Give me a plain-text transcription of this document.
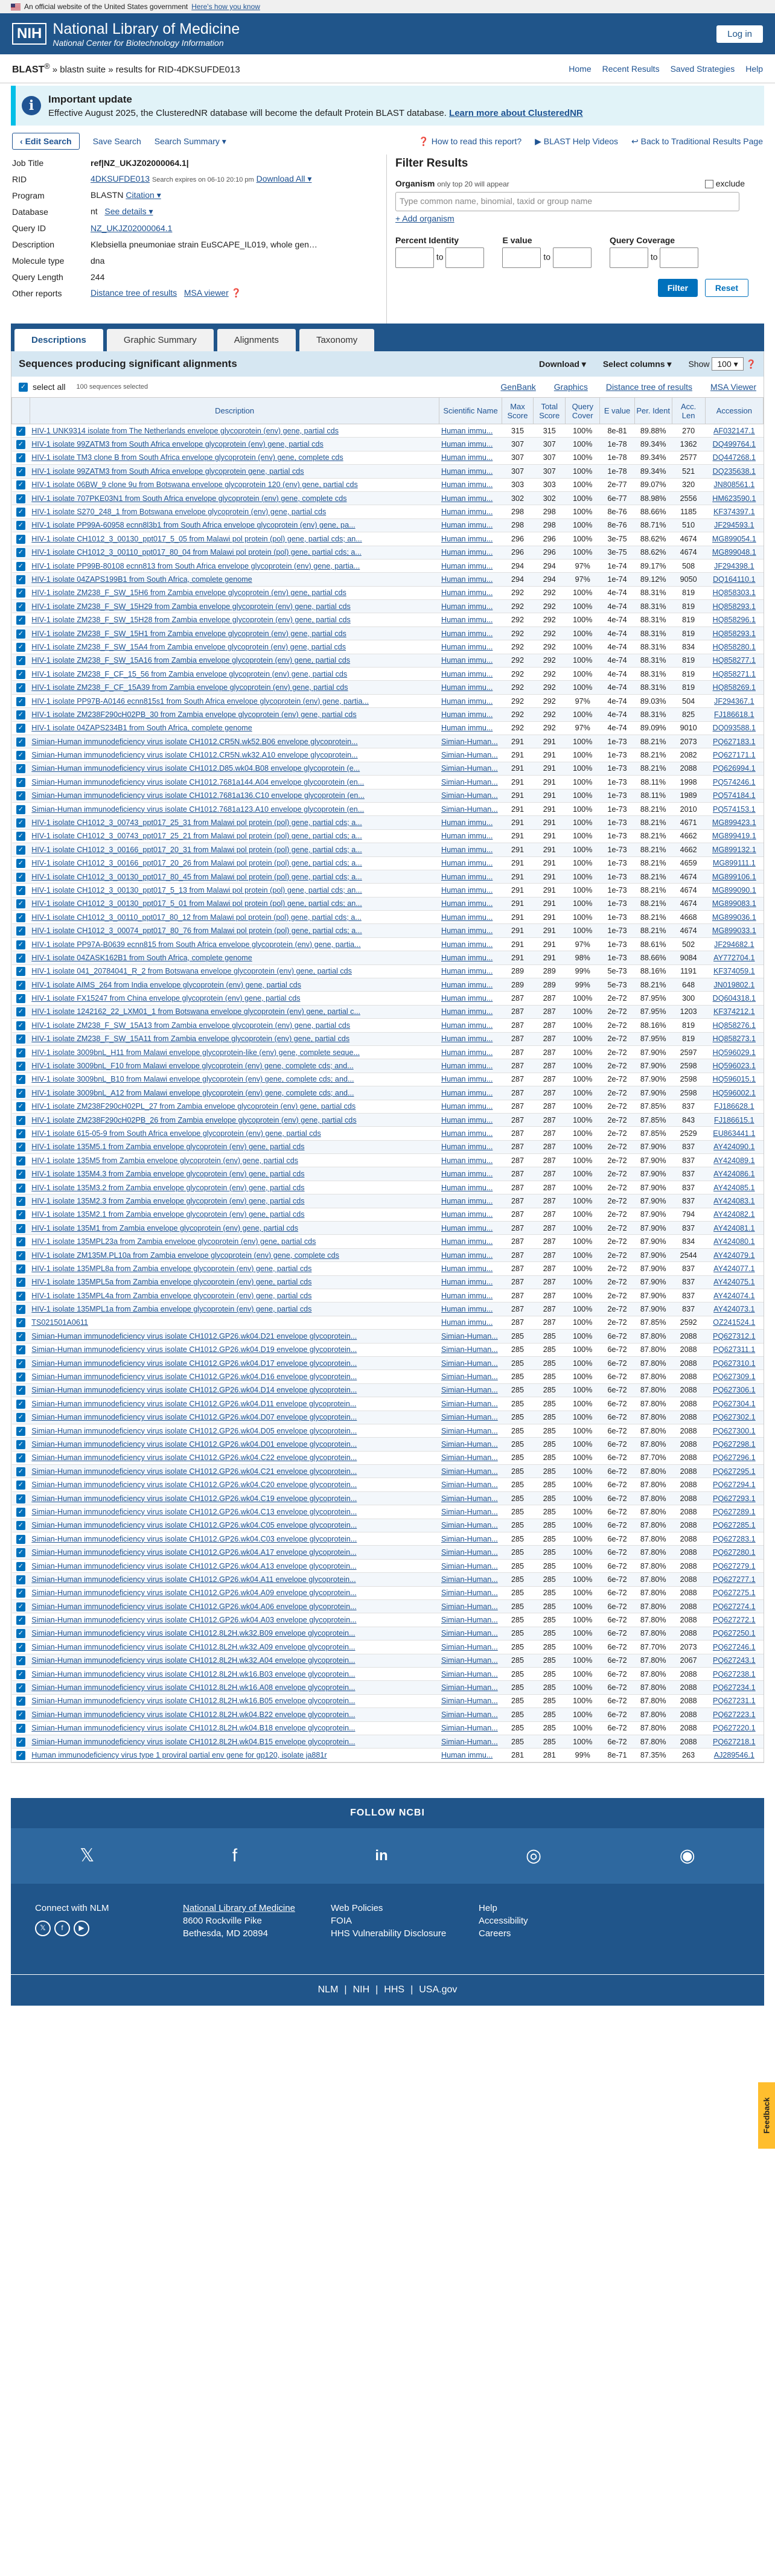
An official website of the United States government Here's how you know
NIH National Library of Medicine
National Center for Biotechnology Information
Log in
BLAST® » blastn suite » results for RID-4DKSUFDE013	Home Recent Results Saved Strategies Help
i	Important update

Effective August 2025, the ClusteredNR database will become the default Protein BLAST database. Learn more about ClusteredNR

‹ Edit Search	Save Search Search Summary ▾	❓ How to read this report? ▶ BLAST Help Videos ↩ Back to Traditional Results Page
Job Title	ref|NZ_UKJZ02000064.1|
RID	4DKSUFDE013 Search expires on 06-10 20:10 pm Download All ▾
Program	BLASTN Citation ▾
Database	nt See details ▾
Query ID	NZ_UKJZ02000064.1
Description	Klebsiella pneumoniae strain EuSCAPE_IL019, whole gen…
Molecule type	dna
Query Length	244
Other reports	Distance tree of results MSA viewer ❓
Filter Results
Organism only top 20 will appear	exclude
Type common name, binomial, taxid or group name
+ Add organism
Percent Identity
to
E value
to
Query Coverage
to
Filter	Reset
Descriptions	Graphic Summary	Alignments	Taxonomy
Sequences producing significant alignments	Download ▾ Select columns ▾ Show 100 ▾ ❓
✓ select all 100 sequences selected	GenBank Graphics Distance tree of results MSA Viewer
	Description	Scientific Name	Max Score	Total Score	Query Cover	E value	Per. Ident	Acc. Len	Accession
✓	HIV-1 UNK9314 isolate from The Netherlands envelope glycoprotein (env) gene, partial cds	Human immu...	315	315	100%	8e-81	89.88%	270	AF032147.1
✓	HIV-1 isolate 99ZATM3 from South Africa envelope glycoprotein (env) gene, partial cds	Human immu...	307	307	100%	1e-78	89.34%	1362	DQ499764.1
✓	HIV-1 isolate TM3 clone B from South Africa envelope glycoprotein (env) gene, complete cds	Human immu...	307	307	100%	1e-78	89.34%	2577	DQ447268.1
✓	HIV-1 isolate 99ZATM3 from South Africa envelope glycoprotein gene, partial cds	Human immu...	307	307	100%	1e-78	89.34%	521	DQ235638.1
✓	HIV-1 isolate 06BW_9 clone 9u from Botswana envelope glycoprotein 120 (env) gene, partial cds	Human immu...	303	303	100%	2e-77	89.07%	320	JN808561.1
✓	HIV-1 isolate 707PKE03N1 from South Africa envelope glycoprotein (env) gene, complete cds	Human immu...	302	302	100%	6e-77	88.98%	2556	HM623590.1
✓	HIV-1 isolate S270_248_1 from Botswana envelope glycoprotein (env) gene, partial cds	Human immu...	298	298	100%	8e-76	88.66%	1185	KF374397.1
✓	HIV-1 isolate PP99A-60958 ecnn8l3b1 from South Africa envelope glycoprotein (env) gene, pa...	Human immu...	298	298	100%	8e-76	88.71%	510	JF294593.1
✓	HIV-1 isolate CH1012_3_00130_ppt017_5_05 from Malawi pol protein (pol) gene, partial cds; an...	Human immu...	296	296	100%	3e-75	88.62%	4674	MG899054.1
✓	HIV-1 isolate CH1012_3_00110_ppt017_80_04 from Malawi pol protein (pol) gene, partial cds; a...	Human immu...	296	296	100%	3e-75	88.62%	4674	MG899048.1
✓	HIV-1 isolate PP99B-80108 ecnn813 from South Africa envelope glycoprotein (env) gene, partia...	Human immu...	294	294	97%	1e-74	89.17%	508	JF294398.1
✓	HIV-1 isolate 04ZAPS199B1 from South Africa, complete genome	Human immu...	294	294	97%	1e-74	89.12%	9050	DQ164110.1
✓	HIV-1 isolate ZM238_F_SW_15H6 from Zambia envelope glycoprotein (env) gene, partial cds	Human immu...	292	292	100%	4e-74	88.31%	819	HQ858303.1
✓	HIV-1 isolate ZM238_F_SW_15H29 from Zambia envelope glycoprotein (env) gene, partial cds	Human immu...	292	292	100%	4e-74	88.31%	819	HQ858293.1
✓	HIV-1 isolate ZM238_F_SW_15H28 from Zambia envelope glycoprotein (env) gene, partial cds	Human immu...	292	292	100%	4e-74	88.31%	819	HQ858296.1
✓	HIV-1 isolate ZM238_F_SW_15H1 from Zambia envelope glycoprotein (env) gene, partial cds	Human immu...	292	292	100%	4e-74	88.31%	819	HQ858293.1
✓	HIV-1 isolate ZM238_F_SW_15A4 from Zambia envelope glycoprotein (env) gene, partial cds	Human immu...	292	292	100%	4e-74	88.31%	834	HQ858280.1
✓	HIV-1 isolate ZM238_F_SW_15A16 from Zambia envelope glycoprotein (env) gene, partial cds	Human immu...	292	292	100%	4e-74	88.31%	819	HQ858277.1
✓	HIV-1 isolate ZM238_F_CF_15_56 from Zambia envelope glycoprotein (env) gene, partial cds	Human immu...	292	292	100%	4e-74	88.31%	819	HQ858271.1
✓	HIV-1 isolate ZM238_F_CF_15A39 from Zambia envelope glycoprotein (env) gene, partial cds	Human immu...	292	292	100%	4e-74	88.31%	819	HQ858269.1
✓	HIV-1 isolate PP97B-A0146 ecnn815s1 from South Africa envelope glycoprotein (env) gene, partia...	Human immu...	292	292	97%	4e-74	89.03%	504	JF294367.1
✓	HIV-1 isolate ZM238F290cH02PB_30 from Zambia envelope glycoprotein (env) gene, partial cds	Human immu...	292	292	100%	4e-74	88.31%	825	FJ186618.1
✓	HIV-1 isolate 04ZAPS234B1 from South Africa, complete genome	Human immu...	292	292	97%	4e-74	89.09%	9010	DQ093588.1
✓	Simian-Human immunodeficiency virus isolate CH1012.CR5N.wk52.B06 envelope glycoprotein...	Simian-Human...	291	291	100%	1e-73	88.21%	2073	PQ627183.1
✓	Simian-Human immunodeficiency virus isolate CH1012.CR5N.wk32.A10 envelope glycoprotein...	Simian-Human...	291	291	100%	1e-73	88.21%	2082	PQ627171.1
✓	Simian-Human immunodeficiency virus isolate CH1012.D85.wk04.B08 envelope glycoprotein (e...	Simian-Human...	291	291	100%	1e-73	88.21%	2088	PQ626994.1
✓	Simian-Human immunodeficiency virus isolate CH1012.7681a144.A04 envelope glycoprotein (en...	Simian-Human...	291	291	100%	1e-73	88.11%	1998	PQ574246.1
✓	Simian-Human immunodeficiency virus isolate CH1012.7681a136.C10 envelope glycoprotein (en...	Simian-Human...	291	291	100%	1e-73	88.11%	1989	PQ574184.1
✓	Simian-Human immunodeficiency virus isolate CH1012.7681a123.A10 envelope glycoprotein (en...	Simian-Human...	291	291	100%	1e-73	88.21%	2010	PQ574153.1
✓	HIV-1 isolate CH1012_3_00743_ppt017_25_31 from Malawi pol protein (pol) gene, partial cds; a...	Human immu...	291	291	100%	1e-73	88.21%	4671	MG899423.1
✓	HIV-1 isolate CH1012_3_00743_ppt017_25_21 from Malawi pol protein (pol) gene, partial cds; a...	Human immu...	291	291	100%	1e-73	88.21%	4662	MG899419.1
✓	HIV-1 isolate CH1012_3_00166_ppt017_20_31 from Malawi pol protein (pol) gene, partial cds; a...	Human immu...	291	291	100%	1e-73	88.21%	4662	MG899132.1
✓	HIV-1 isolate CH1012_3_00166_ppt017_20_26 from Malawi pol protein (pol) gene, partial cds; a...	Human immu...	291	291	100%	1e-73	88.21%	4659	MG899111.1
✓	HIV-1 isolate CH1012_3_00130_ppt017_80_45 from Malawi pol protein (pol) gene, partial cds; a...	Human immu...	291	291	100%	1e-73	88.21%	4674	MG899106.1
✓	HIV-1 isolate CH1012_3_00130_ppt017_5_13 from Malawi pol protein (pol) gene, partial cds; an...	Human immu...	291	291	100%	1e-73	88.21%	4674	MG899090.1
✓	HIV-1 isolate CH1012_3_00130_ppt017_5_01 from Malawi pol protein (pol) gene, partial cds; an...	Human immu...	291	291	100%	1e-73	88.21%	4674	MG899083.1
✓	HIV-1 isolate CH1012_3_00110_ppt017_80_12 from Malawi pol protein (pol) gene, partial cds; a...	Human immu...	291	291	100%	1e-73	88.21%	4668	MG899036.1
✓	HIV-1 isolate CH1012_3_00074_ppt017_80_76 from Malawi pol protein (pol) gene, partial cds; a...	Human immu...	291	291	100%	1e-73	88.21%	4674	MG899033.1
✓	HIV-1 isolate PP97A-B0639 ecnn815 from South Africa envelope glycoprotein (env) gene, partia...	Human immu...	291	291	97%	1e-73	88.61%	502	JF294682.1
✓	HIV-1 isolate 04ZASK162B1 from South Africa, complete genome	Human immu...	291	291	98%	1e-73	88.66%	9084	AY772704.1
✓	HIV-1 isolate 041_20784041_R_2 from Botswana envelope glycoprotein (env) gene, partial cds	Human immu...	289	289	99%	5e-73	88.16%	1191	KF374059.1
✓	HIV-1 isolate AIMS_264 from India envelope glycoprotein (env) gene, partial cds	Human immu...	289	289	99%	5e-73	88.21%	648	JN019802.1
✓	HIV-1 isolate FX15247 from China envelope glycoprotein (env) gene, partial cds	Human immu...	287	287	100%	2e-72	87.95%	300	DQ604318.1
✓	HIV-1 isolate 1242162_22_LXM01_1 from Botswana envelope glycoprotein (env) gene, partial c...	Human immu...	287	287	100%	2e-72	87.95%	1203	KF374212.1
✓	HIV-1 isolate ZM238_F_SW_15A13 from Zambia envelope glycoprotein (env) gene, partial cds	Human immu...	287	287	100%	2e-72	88.16%	819	HQ858276.1
✓	HIV-1 isolate ZM238_F_SW_15A11 from Zambia envelope glycoprotein (env) gene, partial cds	Human immu...	287	287	100%	2e-72	87.95%	819	HQ858273.1
✓	HIV-1 isolate 3009bnL_H11 from Malawi envelope glycoprotein-like (env) gene, complete seque...	Human immu...	287	287	100%	2e-72	87.90%	2597	HQ596029.1
✓	HIV-1 isolate 3009bnL_F10 from Malawi envelope glycoprotein (env) gene, complete cds; and...	Human immu...	287	287	100%	2e-72	87.90%	2598	HQ596023.1
✓	HIV-1 isolate 3009bnL_B10 from Malawi envelope glycoprotein (env) gene, complete cds; and...	Human immu...	287	287	100%	2e-72	87.90%	2598	HQ596015.1
✓	HIV-1 isolate 3009bnL_A12 from Malawi envelope glycoprotein (env) gene, complete cds; and...	Human immu...	287	287	100%	2e-72	87.90%	2598	HQ596002.1
✓	HIV-1 isolate ZM238F290cH02PL_27 from Zambia envelope glycoprotein (env) gene, partial cds	Human immu...	287	287	100%	2e-72	87.85%	837	FJ186628.1
✓	HIV-1 isolate ZM238F290cH02PB_26 from Zambia envelope glycoprotein (env) gene, partial cds	Human immu...	287	287	100%	2e-72	87.85%	843	FJ186615.1
✓	HIV-1 isolate 615-05-9 from South Africa envelope glycoprotein (env) gene, partial cds	Human immu...	287	287	100%	2e-72	87.85%	2529	EU863441.1
✓	HIV-1 isolate 135M5.1 from Zambia envelope glycoprotein (env) gene, partial cds	Human immu...	287	287	100%	2e-72	87.90%	837	AY424090.1
✓	HIV-1 isolate 135M5 from Zambia envelope glycoprotein (env) gene, partial cds	Human immu...	287	287	100%	2e-72	87.90%	837	AY424089.1
✓	HIV-1 isolate 135M4.3 from Zambia envelope glycoprotein (env) gene, partial cds	Human immu...	287	287	100%	2e-72	87.90%	837	AY424086.1
✓	HIV-1 isolate 135M3.2 from Zambia envelope glycoprotein (env) gene, partial cds	Human immu...	287	287	100%	2e-72	87.90%	837	AY424085.1
✓	HIV-1 isolate 135M2.3 from Zambia envelope glycoprotein (env) gene, partial cds	Human immu...	287	287	100%	2e-72	87.90%	837	AY424083.1
✓	HIV-1 isolate 135M2.1 from Zambia envelope glycoprotein (env) gene, partial cds	Human immu...	287	287	100%	2e-72	87.90%	794	AY424082.1
✓	HIV-1 isolate 135M1 from Zambia envelope glycoprotein (env) gene, partial cds	Human immu...	287	287	100%	2e-72	87.90%	837	AY424081.1
✓	HIV-1 isolate 135MPL23a from Zambia envelope glycoprotein (env) gene, partial cds	Human immu...	287	287	100%	2e-72	87.90%	834	AY424080.1
✓	HIV-1 isolate ZM135M.PL10a from Zambia envelope glycoprotein (env) gene, complete cds	Human immu...	287	287	100%	2e-72	87.90%	2544	AY424079.1
✓	HIV-1 isolate 135MPL8a from Zambia envelope glycoprotein (env) gene, partial cds	Human immu...	287	287	100%	2e-72	87.90%	837	AY424077.1
✓	HIV-1 isolate 135MPL5a from Zambia envelope glycoprotein (env) gene, partial cds	Human immu...	287	287	100%	2e-72	87.90%	837	AY424075.1
✓	HIV-1 isolate 135MPL4a from Zambia envelope glycoprotein (env) gene, partial cds	Human immu...	287	287	100%	2e-72	87.90%	837	AY424074.1
✓	HIV-1 isolate 135MPL1a from Zambia envelope glycoprotein (env) gene, partial cds	Human immu...	287	287	100%	2e-72	87.90%	837	AY424073.1
✓	TS021501A0611	Human immu...	287	287	100%	2e-72	87.85%	2592	OZ241524.1
✓	Simian-Human immunodeficiency virus isolate CH1012.GP26.wk04.D21 envelope glycoprotein...	Simian-Human...	285	285	100%	6e-72	87.80%	2088	PQ627312.1
✓	Simian-Human immunodeficiency virus isolate CH1012.GP26.wk04.D19 envelope glycoprotein...	Simian-Human...	285	285	100%	6e-72	87.80%	2088	PQ627311.1
✓	Simian-Human immunodeficiency virus isolate CH1012.GP26.wk04.D17 envelope glycoprotein...	Simian-Human...	285	285	100%	6e-72	87.80%	2088	PQ627310.1
✓	Simian-Human immunodeficiency virus isolate CH1012.GP26.wk04.D16 envelope glycoprotein...	Simian-Human...	285	285	100%	6e-72	87.80%	2088	PQ627309.1
✓	Simian-Human immunodeficiency virus isolate CH1012.GP26.wk04.D14 envelope glycoprotein...	Simian-Human...	285	285	100%	6e-72	87.80%	2088	PQ627306.1
✓	Simian-Human immunodeficiency virus isolate CH1012.GP26.wk04.D11 envelope glycoprotein...	Simian-Human...	285	285	100%	6e-72	87.80%	2088	PQ627304.1
✓	Simian-Human immunodeficiency virus isolate CH1012.GP26.wk04.D07 envelope glycoprotein...	Simian-Human...	285	285	100%	6e-72	87.80%	2088	PQ627302.1
✓	Simian-Human immunodeficiency virus isolate CH1012.GP26.wk04.D05 envelope glycoprotein...	Simian-Human...	285	285	100%	6e-72	87.80%	2088	PQ627300.1
✓	Simian-Human immunodeficiency virus isolate CH1012.GP26.wk04.D01 envelope glycoprotein...	Simian-Human...	285	285	100%	6e-72	87.80%	2088	PQ627298.1
✓	Simian-Human immunodeficiency virus isolate CH1012.GP26.wk04.C22 envelope glycoprotein...	Simian-Human...	285	285	100%	6e-72	87.70%	2088	PQ627296.1
✓	Simian-Human immunodeficiency virus isolate CH1012.GP26.wk04.C21 envelope glycoprotein...	Simian-Human...	285	285	100%	6e-72	87.80%	2088	PQ627295.1
✓	Simian-Human immunodeficiency virus isolate CH1012.GP26.wk04.C20 envelope glycoprotein...	Simian-Human...	285	285	100%	6e-72	87.80%	2088	PQ627294.1
✓	Simian-Human immunodeficiency virus isolate CH1012.GP26.wk04.C19 envelope glycoprotein...	Simian-Human...	285	285	100%	6e-72	87.80%	2088	PQ627293.1
✓	Simian-Human immunodeficiency virus isolate CH1012.GP26.wk04.C13 envelope glycoprotein...	Simian-Human...	285	285	100%	6e-72	87.80%	2088	PQ627289.1
✓	Simian-Human immunodeficiency virus isolate CH1012.GP26.wk04.C05 envelope glycoprotein...	Simian-Human...	285	285	100%	6e-72	87.80%	2088	PQ627285.1
✓	Simian-Human immunodeficiency virus isolate CH1012.GP26.wk04.C03 envelope glycoprotein...	Simian-Human...	285	285	100%	6e-72	87.80%	2088	PQ627283.1
✓	Simian-Human immunodeficiency virus isolate CH1012.GP26.wk04.A17 envelope glycoprotein...	Simian-Human...	285	285	100%	6e-72	87.80%	2088	PQ627280.1
✓	Simian-Human immunodeficiency virus isolate CH1012.GP26.wk04.A13 envelope glycoprotein...	Simian-Human...	285	285	100%	6e-72	87.80%	2088	PQ627279.1
✓	Simian-Human immunodeficiency virus isolate CH1012.GP26.wk04.A11 envelope glycoprotein...	Simian-Human...	285	285	100%	6e-72	87.80%	2088	PQ627277.1
✓	Simian-Human immunodeficiency virus isolate CH1012.GP26.wk04.A09 envelope glycoprotein...	Simian-Human...	285	285	100%	6e-72	87.80%	2088	PQ627275.1
✓	Simian-Human immunodeficiency virus isolate CH1012.GP26.wk04.A06 envelope glycoprotein...	Simian-Human...	285	285	100%	6e-72	87.80%	2088	PQ627274.1
✓	Simian-Human immunodeficiency virus isolate CH1012.GP26.wk04.A03 envelope glycoprotein...	Simian-Human...	285	285	100%	6e-72	87.80%	2088	PQ627272.1
✓	Simian-Human immunodeficiency virus isolate CH1012.8L2H.wk32.B09 envelope glycoprotein...	Simian-Human...	285	285	100%	6e-72	87.80%	2088	PQ627250.1
✓	Simian-Human immunodeficiency virus isolate CH1012.8L2H.wk32.A09 envelope glycoprotein...	Simian-Human...	285	285	100%	6e-72	87.70%	2073	PQ627246.1
✓	Simian-Human immunodeficiency virus isolate CH1012.8L2H.wk32.A04 envelope glycoprotein...	Simian-Human...	285	285	100%	6e-72	87.80%	2067	PQ627243.1
✓	Simian-Human immunodeficiency virus isolate CH1012.8L2H.wk16.B03 envelope glycoprotein...	Simian-Human...	285	285	100%	6e-72	87.80%	2088	PQ627238.1
✓	Simian-Human immunodeficiency virus isolate CH1012.8L2H.wk16.A08 envelope glycoprotein...	Simian-Human...	285	285	100%	6e-72	87.80%	2088	PQ627234.1
✓	Simian-Human immunodeficiency virus isolate CH1012.8L2H.wk16.B05 envelope glycoprotein...	Simian-Human...	285	285	100%	6e-72	87.80%	2088	PQ627231.1
✓	Simian-Human immunodeficiency virus isolate CH1012.8L2H.wk04.B22 envelope glycoprotein...	Simian-Human...	285	285	100%	6e-72	87.80%	2088	PQ627223.1
✓	Simian-Human immunodeficiency virus isolate CH1012.8L2H.wk04.B18 envelope glycoprotein...	Simian-Human...	285	285	100%	6e-72	87.80%	2088	PQ627220.1
✓	Simian-Human immunodeficiency virus isolate CH1012.8L2H.wk04.B15 envelope glycoprotein...	Simian-Human...	285	285	100%	6e-72	87.80%	2088	PQ627218.1
✓	Human immunodeficiency virus type 1 proviral partial env gene for gp120, isolate ja881r	Human immu...	281	281	99%	8e-71	87.35%	263	AJ289546.1
FOLLOW NCBI
𝕏	f	in	◎	◉
Connect with NLM
𝕏	f	▶
National Library of Medicine
8600 Rockville Pike
Bethesda, MD 20894
Web Policies
FOIA
HHS Vulnerability Disclosure
Help
Accessibility
Careers
NLM | NIH | HHS | USA.gov
Feedback
